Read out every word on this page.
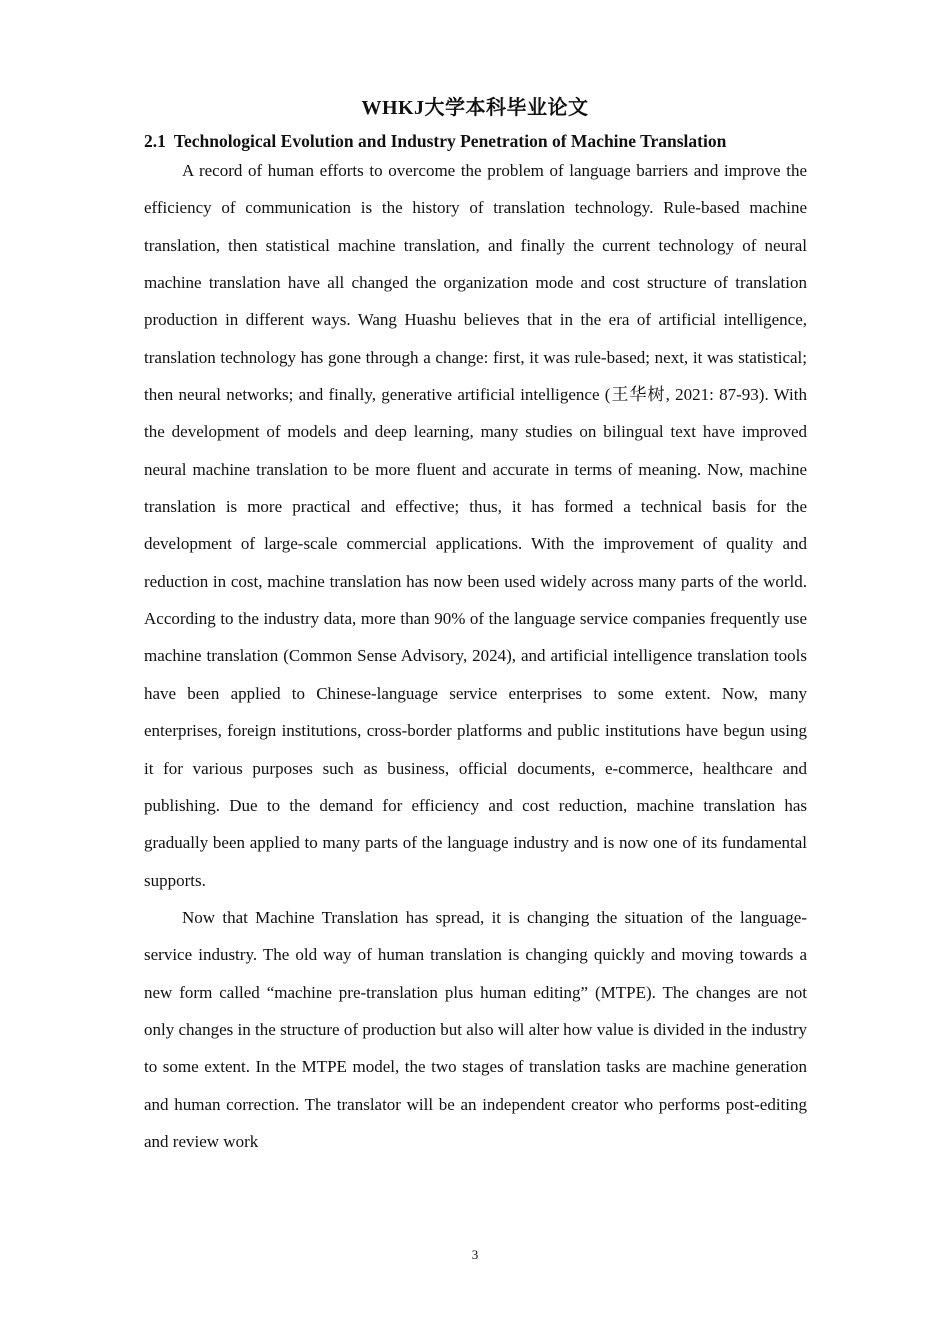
WHKJ大学本科毕业论文
2.1 Technological Evolution and Industry Penetration of Machine Translation

A record of human efforts to overcome the problem of language barriers and improve the efficiency of communication is the history of translation technology. Rule-based machine translation, then statistical machine translation, and finally the current technology of neural machine translation have all changed the organization mode and cost structure of translation production in different ways. Wang Huashu believes that in the era of artificial intelligence, translation technology has gone through a change: first, it was rule-based; next, it was statistical; then neural networks; and finally, generative artificial intelligence (王华树, 2021: 87-93). With the development of models and deep learning, many studies on bilingual text have improved neural machine translation to be more fluent and accurate in terms of meaning. Now, machine translation is more practical and effective; thus, it has formed a technical basis for the development of large-scale commercial applications. With the improvement of quality and reduction in cost, machine translation has now been used widely across many parts of the world. According to the industry data, more than 90% of the language service companies frequently use machine translation (Common Sense Advisory, 2024), and artificial intelligence translation tools have been applied to Chinese-language service enterprises to some extent. Now, many enterprises, foreign institutions, cross-border platforms and public institutions have begun using it for various purposes such as business, official documents, e-commerce, healthcare and publishing. Due to the demand for efficiency and cost reduction, machine translation has gradually been applied to many parts of the language industry and is now one of its fundamental supports.

Now that Machine Translation has spread, it is changing the situation of the language-service industry. The old way of human translation is changing quickly and moving towards a new form called “machine pre-translation plus human editing” (MTPE). The changes are not only changes in the structure of production but also will alter how value is divided in the industry to some extent. In the MTPE model, the two stages of translation tasks are machine generation and human correction. The translator will be an independent creator who performs post-editing and review work

3
